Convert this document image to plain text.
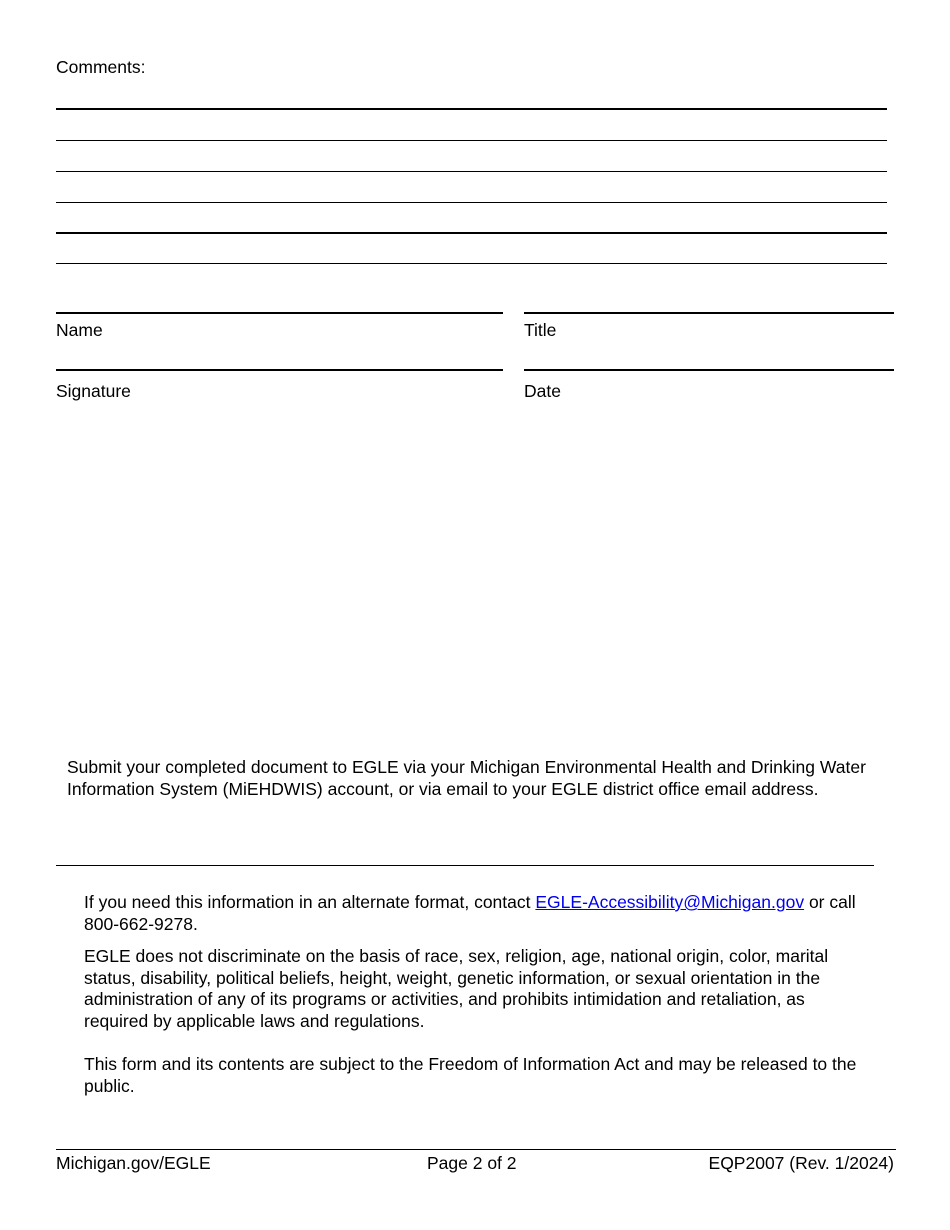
Comments:
Name	Title
Signature	Date

Submit your completed document to EGLE via your Michigan Environmental Health and Drinking Water Information System (MiEHDWIS) account, or via email to your EGLE district office email address.

If you need this information in an alternate format, contact EGLE-Accessibility@Michigan.gov or call 800-662-9278.

EGLE does not discriminate on the basis of race, sex, religion, age, national origin, color, marital status, disability, political beliefs, height, weight, genetic information, or sexual orientation in the administration of any of its programs or activities, and prohibits intimidation and retaliation, as required by applicable laws and regulations.

This form and its contents are subject to the Freedom of Information Act and may be released to the public.

Michigan.gov/EGLE	Page 2 of 2	EQP2007 (Rev. 1/2024)
